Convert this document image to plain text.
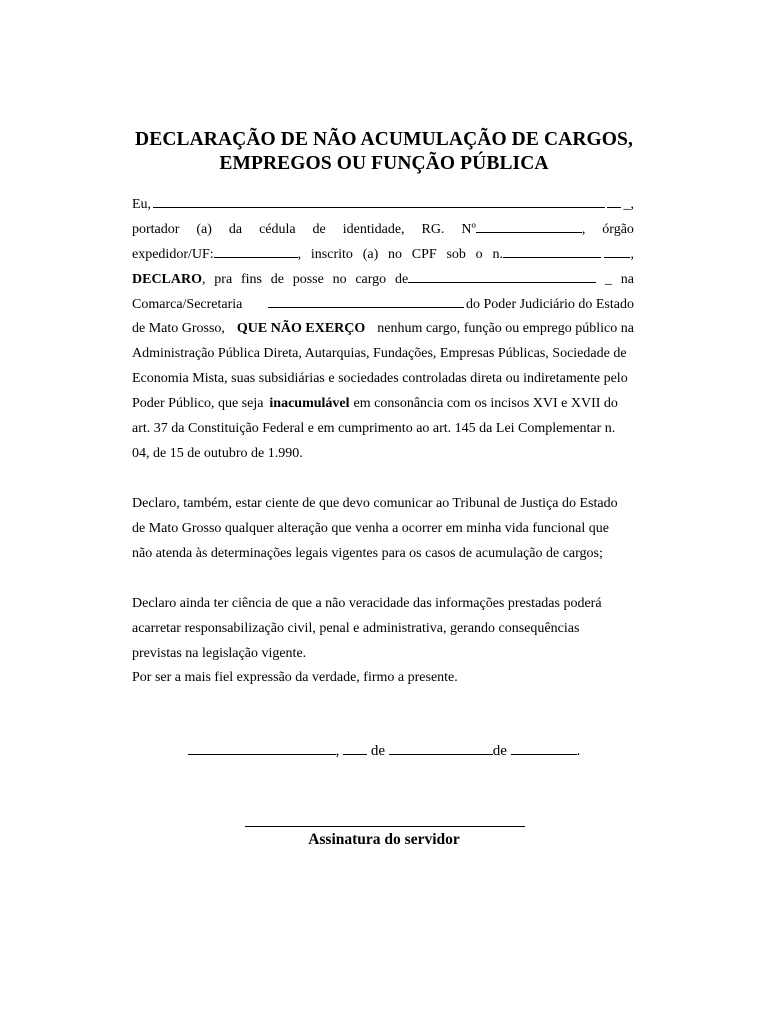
DECLARAÇÃO DE NÃO ACUMULAÇÃO DE CARGOS,
EMPREGOS OU FUNÇÃO PÚBLICA
Eu,	_,
portador (a) da cédula de identidade, RG. Nº	, órgão
expedidor/UF:	, inscrito (a) no CPF sob o n.	,
DECLARO, pra fins de posse no cargo de	_ na
Comarca/Secretaria	do Poder Judiciário do Estado
de Mato Grosso, QUE NÃO EXERÇO nenhum cargo, função ou emprego público na
Administração Pública Direta, Autarquias, Fundações, Empresas Públicas, Sociedade de
Economia Mista, suas subsidiárias e sociedades controladas direta ou indiretamente pelo
Poder Público, que seja inacumulável em consonância com os incisos XVI e XVII do
art. 37 da Constituição Federal e em cumprimento ao art. 145 da Lei Complementar n.
04, de 15 de outubro de 1.990.
Declaro, também, estar ciente de que devo comunicar ao Tribunal de Justiça do Estado
de Mato Grosso qualquer alteração que venha a ocorrer em minha vida funcional que
não atenda às determinações legais vigentes para os casos de acumulação de cargos;
Declaro ainda ter ciência de que a não veracidade das informações prestadas poderá
acarretar responsabilização civil, penal e administrativa, gerando consequências
previstas na legislação vigente.
Por ser a mais fiel expressão da verdade, firmo a presente.
, de	de	.
Assinatura do servidor
